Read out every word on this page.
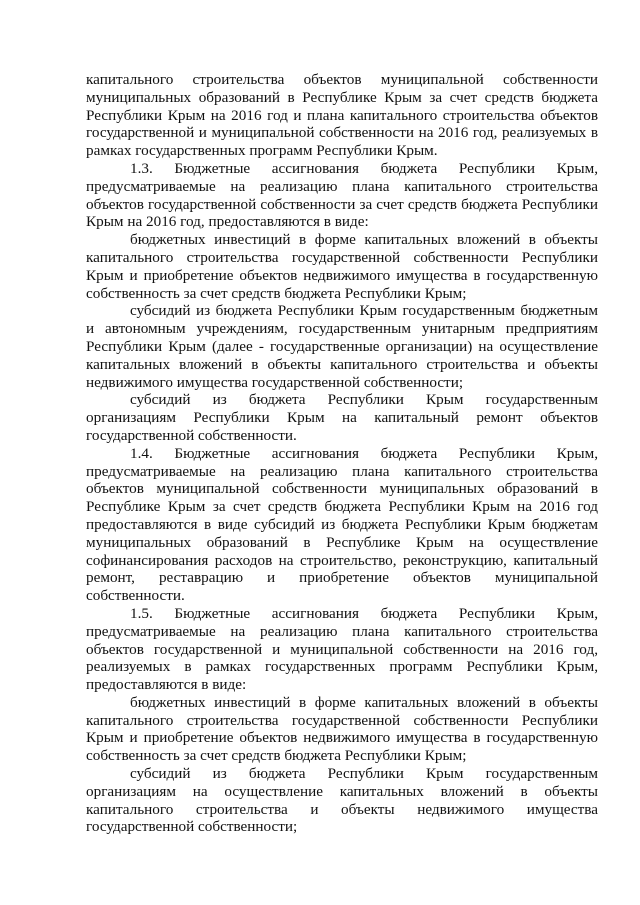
капитального строительства объектов муниципальной собственности муниципальных образований в Республике Крым за счет средств бюджета Республики Крым на 2016 год и плана капитального строительства объектов государственной и муниципальной собственности на 2016 год, реализуемых в рамках государственных программ Республики Крым.

1.3. Бюджетные ассигнования бюджета Республики Крым, предусматриваемые на реализацию плана капитального строительства объектов государственной собственности за счет средств бюджета Республики Крым на 2016 год, предоставляются в виде:

бюджетных инвестиций в форме капитальных вложений в объекты капитального строительства государственной собственности Республики Крым и приобретение объектов недвижимого имущества в государственную собственность за счет средств бюджета Республики Крым;

субсидий из бюджета Республики Крым государственным бюджетным и автономным учреждениям, государственным унитарным предприятиям Республики Крым (далее - государственные организации) на осуществление капитальных вложений в объекты капитального строительства и объекты недвижимого имущества государственной собственности;

субсидий из бюджета Республики Крым государственным организациям Республики Крым на капитальный ремонт объектов государственной собственности.

1.4. Бюджетные ассигнования бюджета Республики Крым, предусматриваемые на реализацию плана капитального строительства объектов муниципальной собственности муниципальных образований в Республике Крым за счет средств бюджета Республики Крым на 2016 год предоставляются в виде субсидий из бюджета Республики Крым бюджетам муниципальных образований в Республике Крым на осуществление софинансирования расходов на строительство, реконструкцию, капитальный ремонт, реставрацию и приобретение объектов муниципальной собственности.

1.5. Бюджетные ассигнования бюджета Республики Крым, предусматриваемые на реализацию плана капитального строительства объектов государственной и муниципальной собственности на 2016 год, реализуемых в рамках государственных программ Республики Крым, предоставляются в виде:

бюджетных инвестиций в форме капитальных вложений в объекты капитального строительства государственной собственности Республики Крым и приобретение объектов недвижимого имущества в государственную собственность за счет средств бюджета Республики Крым;

субсидий из бюджета Республики Крым государственным организациям на осуществление капитальных вложений в объекты капитального строительства и объекты недвижимого имущества государственной собственности;
